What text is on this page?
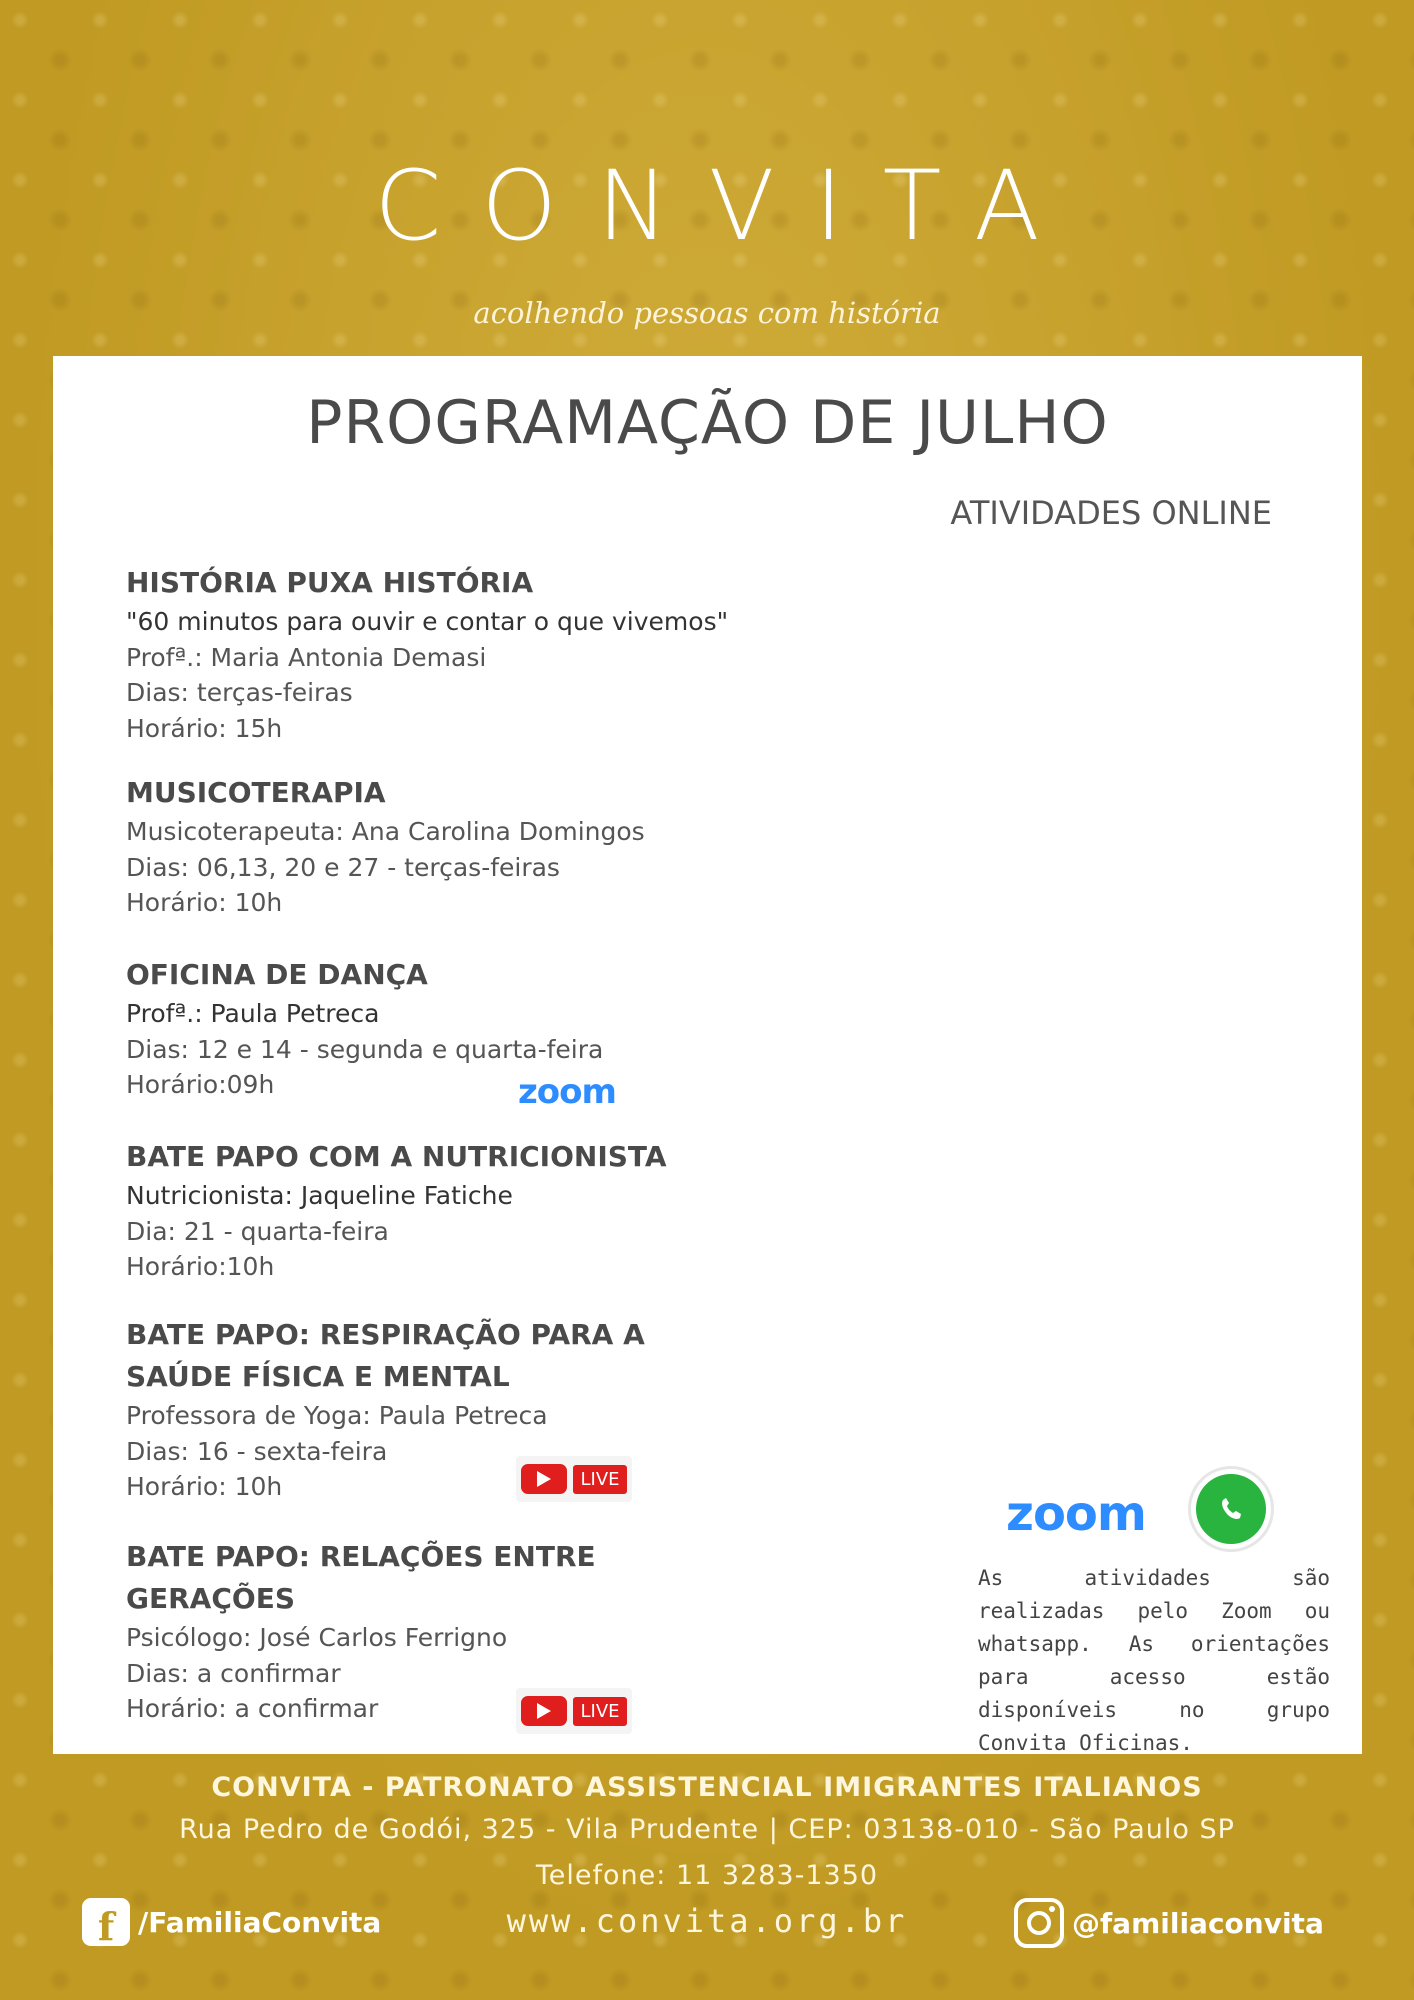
CONVITA
acolhendo pessoas com história
PROGRAMAÇÃO DE JULHO
ATIVIDADES ONLINE
HISTÓRIA PUXA HISTÓRIA
"60 minutos para ouvir e contar o que vivemos"
Profª.: Maria Antonia Demasi
Dias: terças-feiras
Horário: 15h
MUSICOTERAPIA
Musicoterapeuta: Ana Carolina Domingos
Dias: 06,13, 20 e 27 - terças-feiras
Horário: 10h
OFICINA DE DANÇA
Profª.: Paula Petreca
Dias: 12 e 14 - segunda e quarta-feira
Horário:09h	zoom
BATE PAPO COM A NUTRICIONISTA
Nutricionista: Jaqueline Fatiche
Dia: 21 - quarta-feira
Horário:10h
BATE PAPO: RESPIRAÇÃO PARA A
SAÚDE FÍSICA E MENTAL
Professora de Yoga: Paula Petreca
Dias: 16 - sexta-feira
Horário: 10h	LIVE
BATE PAPO: RELAÇÕES ENTRE
GERAÇÕES
Psicólogo: José Carlos Ferrigno
Dias: a confirmar
Horário: a confirmar	LIVE
zoom
As atividades são realizadas pelo Zoom ou whatsapp. As orientações para acesso estão disponíveis no grupo Convita Oficinas.
CONVITA - PATRONATO ASSISTENCIAL IMIGRANTES ITALIANOS
Rua Pedro de Godói, 325 - Vila Prudente | CEP: 03138-010 - São Paulo SP
Telefone: 11 3283-1350
f /FamiliaConvita	www.convita.org.br	@familiaconvita
